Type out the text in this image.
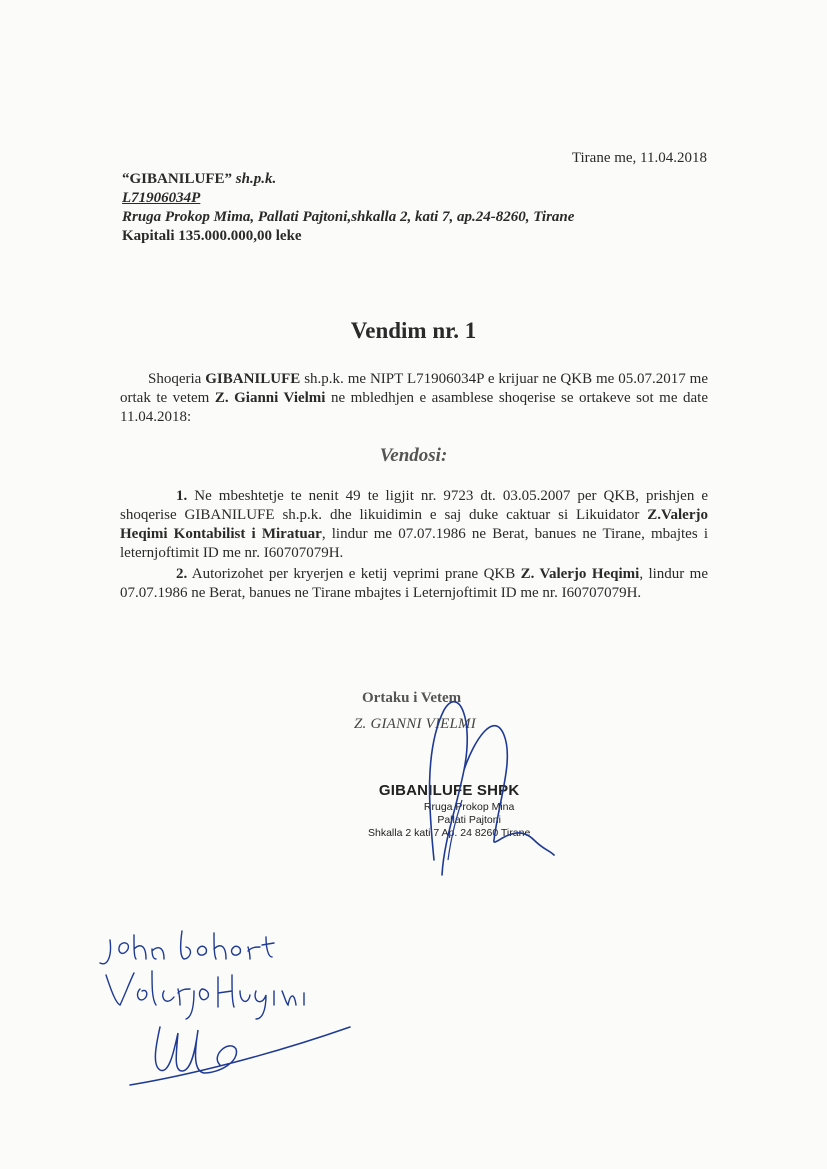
Tirane me, 11.04.2018
“GIBANILUFE” sh.p.k.
L71906034P
Rruga Prokop Mima, Pallati Pajtoni,shkalla 2, kati 7, ap.24-8260, Tirane
Kapitali 135.000.000,00 leke
Vendim nr. 1
Shoqeria GIBANILUFE sh.p.k. me NIPT L71906034P e krijuar ne QKB me 05.07.2017 me ortak te vetem Z. Gianni Vielmi ne mbledhjen e asamblese shoqerise se ortakeve sot me date 11.04.2018:
Vendosi:
1. Ne mbeshtetje te nenit 49 te ligjit nr. 9723 dt. 03.05.2007 per QKB, prishjen e shoqerise GIBANILUFE sh.p.k. dhe likuidimin e saj duke caktuar si Likuidator Z.Valerjo Heqimi Kontabilist i Miratuar, lindur me 07.07.1986 ne Berat, banues ne Tirane, mbajtes i leternjoftimit ID me nr. I60707079H.
2. Autorizohet per kryerjen e ketij veprimi prane QKB Z. Valerjo Heqimi, lindur me 07.07.1986 ne Berat, banues ne Tirane mbajtes i Leternjoftimit ID me nr. I60707079H.
Ortaku i Vetem
Z. GIANNI VIELMI
GIBANILUFE SHPK
Rruga Prokop Mina
Pallati Pajtoni
Shkalla 2 kati 7 Ap. 24 8260 Tirane
